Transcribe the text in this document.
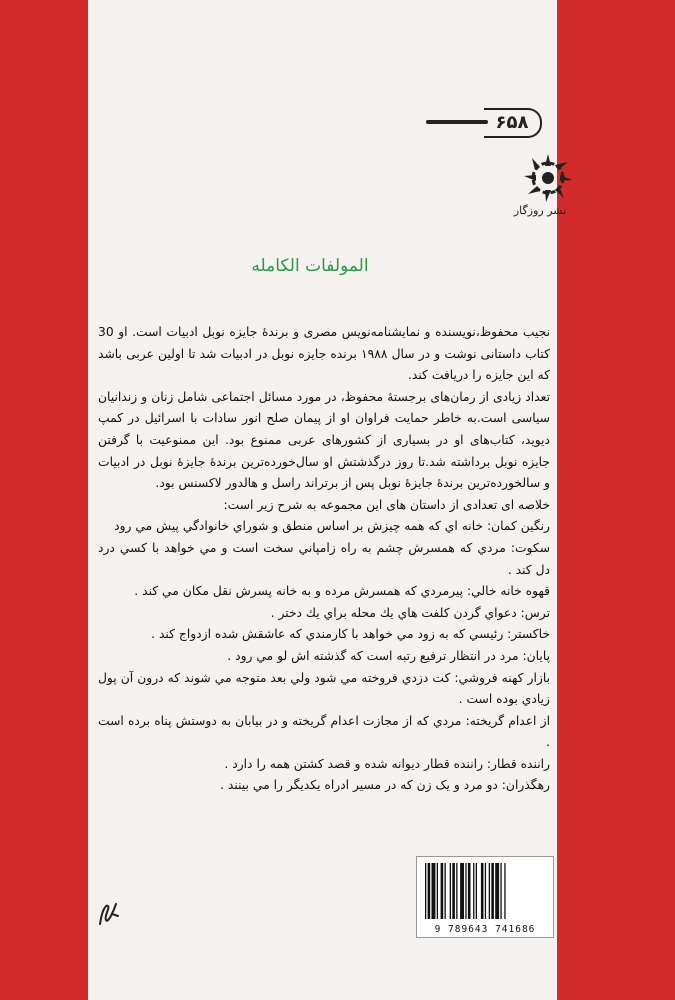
۶۵۸
نشر روزگار
المولفات الکامله

نجیب محفوظ،نویسنده و نمایشنامه‌نویس مصری و برندهٔ جایزه نوبل ادبیات است. او 30 کتاب داستانی نوشت و در سال ۱۹۸۸ برنده جایزه نوبل در ادبیات شد تا اولین عربی باشد که این جایزه را دریافت کند.

تعداد زیادی از رمان‌های برجستهٔ محفوظ، در مورد مسائل اجتماعی شامل زنان و زندانیان سیاسی است.به خاطر حمایت فراوان او از پیمان صلح انور سادات با اسرائیل در کمپ دیوید، کتاب‌های او در بسیاری از کشورهای عربی ممنوع بود. این ممنوعیت با گرفتن جایزه نوبل برداشته شد.تا روز درگذشتش او سال‌خورده‌ترین برندهٔ جایزهٔ نوبل در ادبیات و سالخورده‌ترین برندهٔ جایزهٔ نوبل پس از برتراند راسل و هالدور لاکسنس بود.

خلاصه ای تعدادی از داستان های این مجموعه به شرح زیر است:

رنگین کمان: خانه اي كه همه چيزش بر اساس منطق و شوراي خانوادگي پيش مي رود

سکوت: مردي که همسرش چشم به راه زامپاني سخت است و مي خواهد با کسي درد دل کند .

قهوه خانه خالي: پیرمردي که همسرش مرده و به خانه پسرش نقل مکان مي کند .

ترس: دعواي گردن كلفت هاي يك محله براي يك دختر .

خاکستر: رئيسي كه به زود مي خواهد با كارمندي كه عاشقش شده ازدواج كند .

پايان: مرد در انتظار ترفيع رتبه است كه گذشته اش لو مي رود .

بازار کهنه فروشي: کت دزدي فروخته مي شود ولي بعد متوجه مي شوند که درون آن پول زيادي بوده است .

از اعدام گريخته: مردي که از مجازت اعدام گريخته و در بيابان به دوستش پناه برده است .

راننده قطار: راننده قطار ديوانه شده و قصد کشتن همه را دارد .

رهگذران: دو مرد و يک زن که در مسير ادراه يکديگر را مي بينند .

9 789643 741686
